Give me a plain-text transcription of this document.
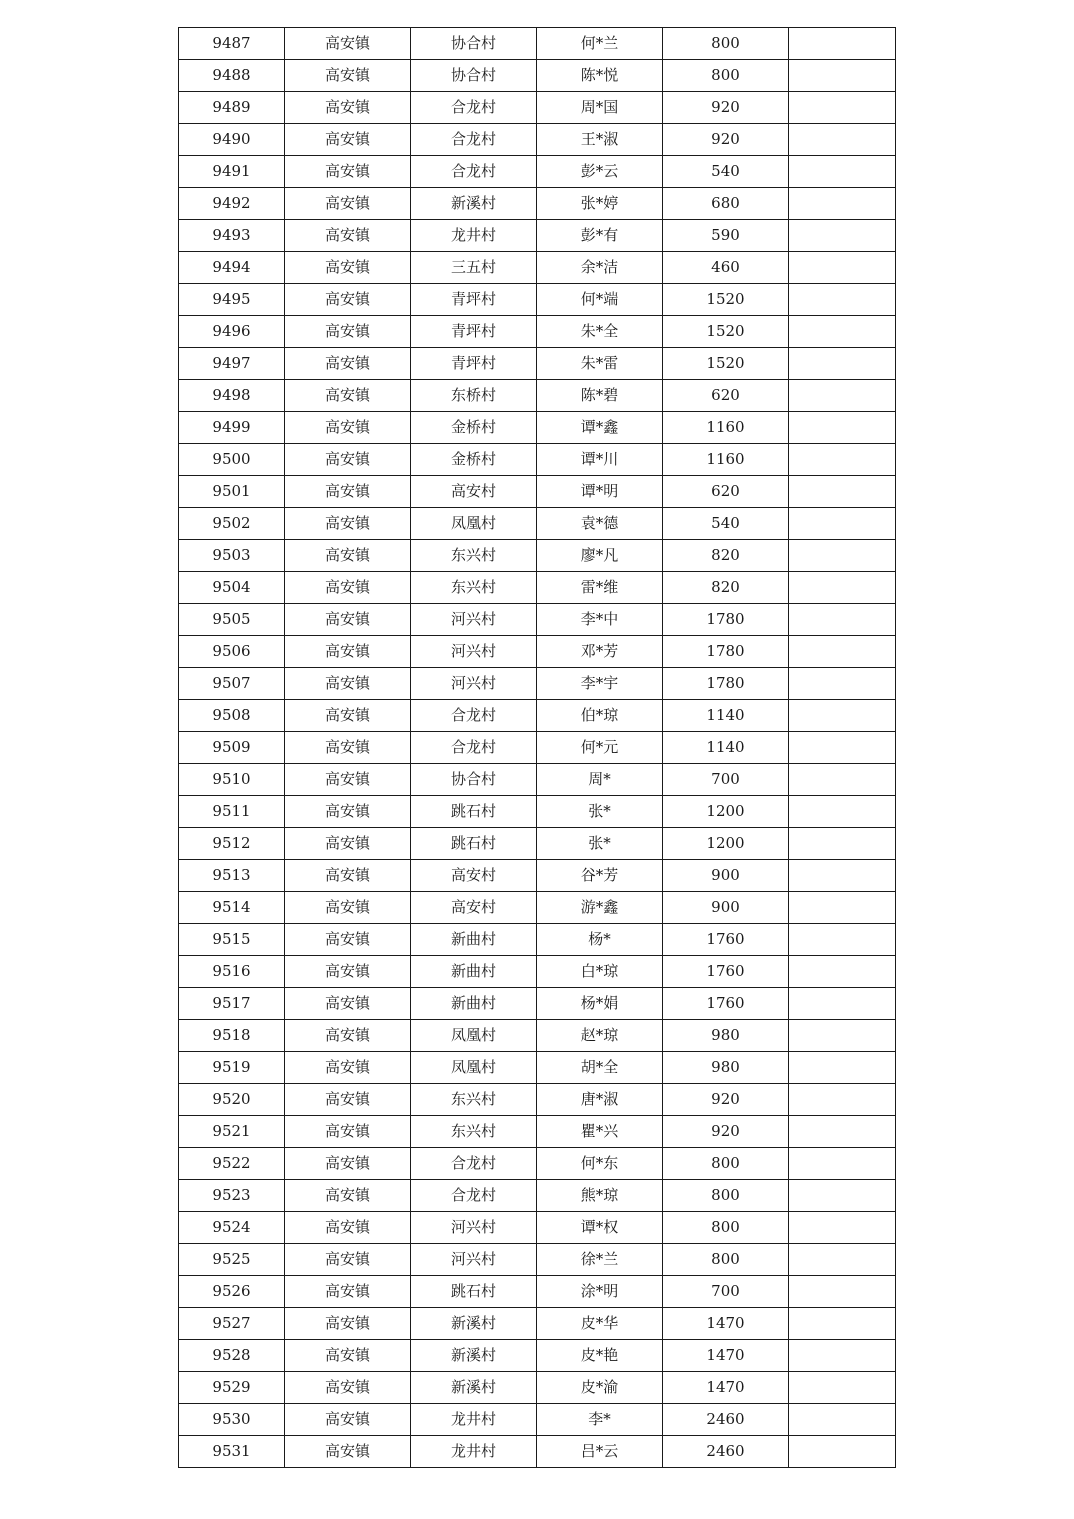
9487	高安镇	协合村	何*兰	800	
9488	高安镇	协合村	陈*悦	800	
9489	高安镇	合龙村	周*国	920	
9490	高安镇	合龙村	王*淑	920	
9491	高安镇	合龙村	彭*云	540	
9492	高安镇	新溪村	张*婷	680	
9493	高安镇	龙井村	彭*有	590	
9494	高安镇	三五村	余*洁	460	
9495	高安镇	青坪村	何*端	1520	
9496	高安镇	青坪村	朱*全	1520	
9497	高安镇	青坪村	朱*雷	1520	
9498	高安镇	东桥村	陈*碧	620	
9499	高安镇	金桥村	谭*鑫	1160	
9500	高安镇	金桥村	谭*川	1160	
9501	高安镇	高安村	谭*明	620	
9502	高安镇	凤凰村	袁*德	540	
9503	高安镇	东兴村	廖*凡	820	
9504	高安镇	东兴村	雷*维	820	
9505	高安镇	河兴村	李*中	1780	
9506	高安镇	河兴村	邓*芳	1780	
9507	高安镇	河兴村	李*宇	1780	
9508	高安镇	合龙村	伯*琼	1140	
9509	高安镇	合龙村	何*元	1140	
9510	高安镇	协合村	周*	700	
9511	高安镇	跳石村	张*	1200	
9512	高安镇	跳石村	张*	1200	
9513	高安镇	高安村	谷*芳	900	
9514	高安镇	高安村	游*鑫	900	
9515	高安镇	新曲村	杨*	1760	
9516	高安镇	新曲村	白*琼	1760	
9517	高安镇	新曲村	杨*娟	1760	
9518	高安镇	凤凰村	赵*琼	980	
9519	高安镇	凤凰村	胡*全	980	
9520	高安镇	东兴村	唐*淑	920	
9521	高安镇	东兴村	瞿*兴	920	
9522	高安镇	合龙村	何*东	800	
9523	高安镇	合龙村	熊*琼	800	
9524	高安镇	河兴村	谭*权	800	
9525	高安镇	河兴村	徐*兰	800	
9526	高安镇	跳石村	涂*明	700	
9527	高安镇	新溪村	皮*华	1470	
9528	高安镇	新溪村	皮*艳	1470	
9529	高安镇	新溪村	皮*渝	1470	
9530	高安镇	龙井村	李*	2460	
9531	高安镇	龙井村	吕*云	2460	
